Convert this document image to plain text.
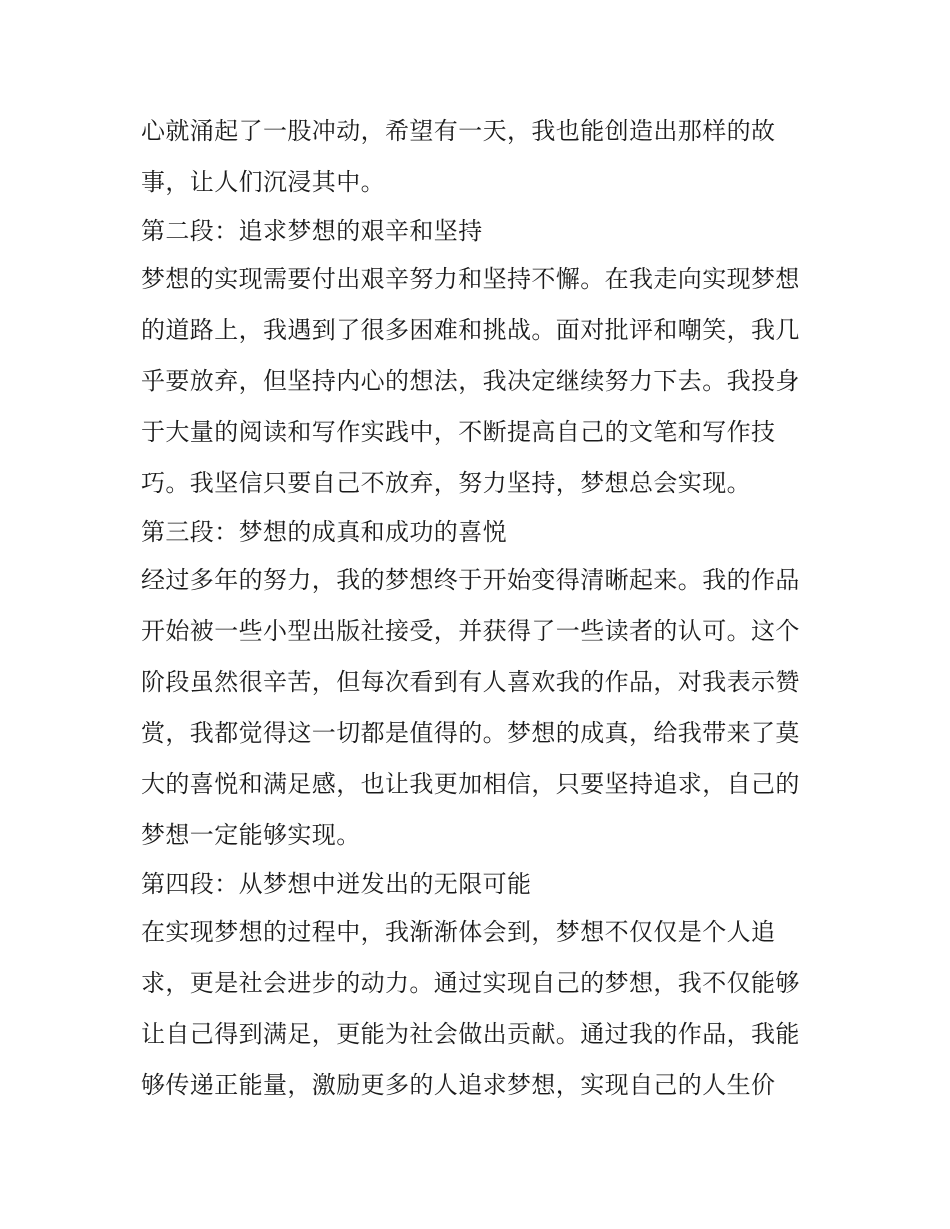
心就涌起了一股冲动，希望有一天，我也能创造出那样的故
事，让人们沉浸其中。
第二段：追求梦想的艰辛和坚持
梦想的实现需要付出艰辛努力和坚持不懈。在我走向实现梦想
的道路上，我遇到了很多困难和挑战。面对批评和嘲笑，我几
乎要放弃，但坚持内心的想法，我决定继续努力下去。我投身
于大量的阅读和写作实践中，不断提高自己的文笔和写作技
巧。我坚信只要自己不放弃，努力坚持，梦想总会实现。
第三段：梦想的成真和成功的喜悦
经过多年的努力，我的梦想终于开始变得清晰起来。我的作品
开始被一些小型出版社接受，并获得了一些读者的认可。这个
阶段虽然很辛苦，但每次看到有人喜欢我的作品，对我表示赞
赏，我都觉得这一切都是值得的。梦想的成真，给我带来了莫
大的喜悦和满足感，也让我更加相信，只要坚持追求，自己的
梦想一定能够实现。
第四段：从梦想中迸发出的无限可能
在实现梦想的过程中，我渐渐体会到，梦想不仅仅是个人追
求，更是社会进步的动力。通过实现自己的梦想，我不仅能够
让自己得到满足，更能为社会做出贡献。通过我的作品，我能
够传递正能量，激励更多的人追求梦想，实现自己的人生价
